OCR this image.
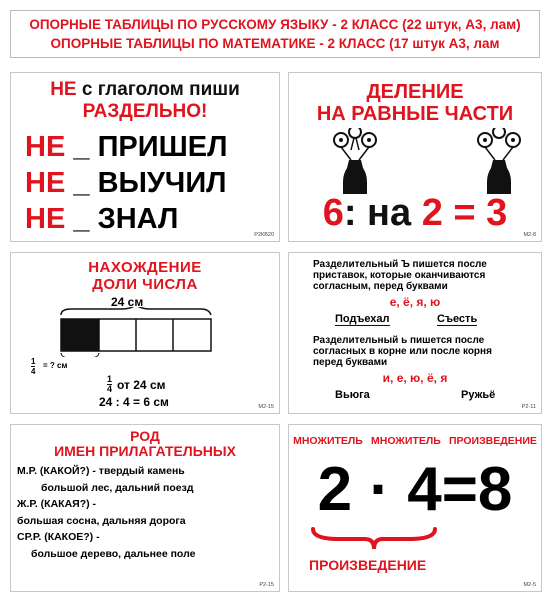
ОПОРНЫЕ ТАБЛИЦЫ ПО РУССКОМУ ЯЗЫКУ - 2 КЛАСС (22 штук, А3, лам)
ОПОРНЫЕ ТАБЛИЦЫ ПО МАТЕМАТИКЕ - 2 КЛАСС (17 штук А3, лам
НЕ с глаголом пиши
РАЗДЕЛЬНО!
НЕ _ ПРИШЕЛ
НЕ _ ВЫУЧИЛ
НЕ _ ЗНАЛ	Р2КВ20
ДЕЛЕНИЕ
НА РАВНЫЕ ЧАСТИ
6: на 2 = 3
М2-8
НАХОЖДЕНИЕ
ДОЛИ ЧИСЛА
24 см
1
4
= ? см
1
4 от 24 см
24 : 4 = 6 см	М2-15
Разделительный Ъ пишется после приставок, которые оканчиваются согласным, перед буквами
е, ё, я, ю
Подъехал	Съесть
Разделительный ь пишется после согласных в корне или после корня перед буквами
и, е, ю, ё, я
Вьюга	Ружьё
Р2-11
РОД
ИМЕН ПРИЛАГАТЕЛЬНЫХ
М.Р. (КАКОЙ?) - твердый камень
большой лес, дальний поезд
Ж.Р. (КАКАЯ?) -
большая сосна, дальняя дорога
СР.Р. (КАКОЕ?) -
большое дерево, дальнее поле
Р2-15
МНОЖИТЕЛЬ МНОЖИТЕЛЬ ПРОИЗВЕДЕНИЕ
2 · 4=8
ПРОИЗВЕДЕНИЕ
М2-5
